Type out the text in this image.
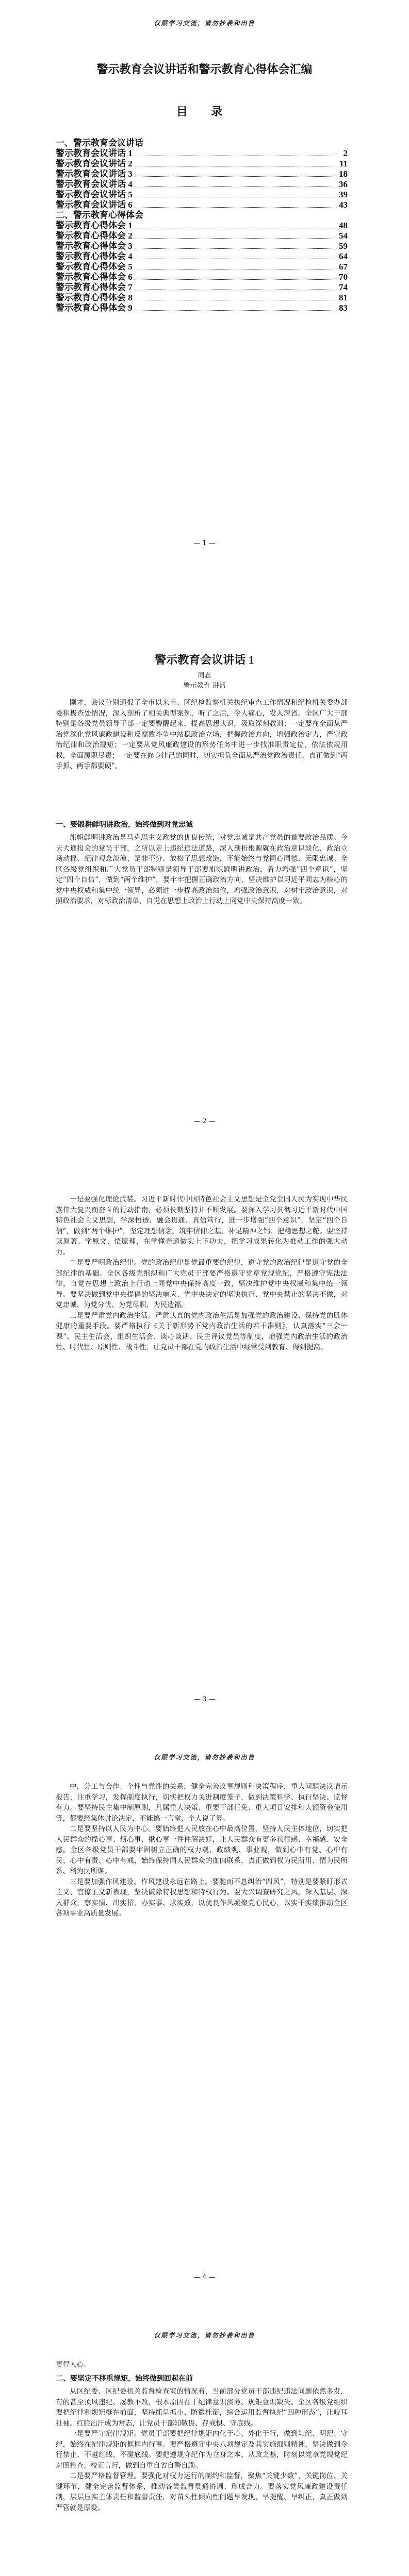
仅限学习交流，请勿抄袭和出售
警示教育会议讲话和警示教育心得体会汇编
目 录
一、警示教育会议讲话
警示教育会议讲话 1	2
警示教育会议讲话 2	11
警示教育会议讲话 3	18
警示教育会议讲话 4	36
警示教育会议讲话 5	39
警示教育会议讲话 6	43
二、警示教育心得体会
警示教育心得体会 1	48
警示教育心得体会 2	54
警示教育心得体会 3	59
警示教育心得体会 4	64
警示教育心得体会 5	67
警示教育心得体会 6	70
警示教育心得体会 7	74
警示教育心得体会 8	81
警示教育心得体会 9	83
— 1 —
警示教育会议讲话 1
同志
警示教育 讲话

刚才，会议分别通报了全市以来市、区纪检监察机关执纪审查工作情况和纪检机关委办部委积极查处情况，深入剖析了相关典型案例，听了之后，令人痛心，发人深省。全区广大干部特别是各级党员领导干部一定要警醒起来，提高思想认识，汲取深刻教训；一定要在全面从严治党深化党风廉政建设和反腐败斗争中站稳政治立场，把握政治方向，增强政治定力，严守政治纪律和政治规矩；一定要从党风廉政建设的形势任务中进一步找准职责定位，依法依规用权，全面履职尽责；一定要在修身律己的同时，切实担负全面从严治党政治责任，真正做到“两手抓、两手都要硬”。

一、要锻耕鲜明讲政治，始终做到对党忠诚

旗帜鲜明讲政治是马克思主义政党的优良传统，对党忠诚是共产党员的首要政治品质。今天大通报会的党员干部，之所以走上违纪违法道路，深入剖析根源就在政治意识淡化、政治立场动摇、纪律观念淡漠、是非不分、放松了思想改造，不能始终与党同心同德、无限忠诚。全区各级党组织和广大党员干部特别是领导干部要旗帜鲜明讲政治，着力增强“四个意识”，坚定“四个自信”，做到“两个维护”，要牢牢把握正确政治方向，坚决维护以习近平同志为核心的党中央权威和集中统一领导，必须进一步提高政治站位，增强政治意识，对树牢政治意识，对照政治要求，对标政治清单，自觉在思想上政治上行动上同党中央保持高度一致。

— 2 —

一是要强化理论武装。习近平新时代中国特色社会主义思想是全党全国人民为实现中华民族伟大复兴而奋斗的行动指南，必须长期坚持并不断发展。要深入学习贯彻习近平新时代中国特色社会主义思想，学深悟透、融会贯通、真信笃行，进一步增强“四个意识”，坚定“四个自信”，做到“两个维护”，坚定理想信念，筑牢信仰之基、补足精神之钙、把稳思想之舵。要坚持读原著、学原文、悟原理，在学懂弄通做实上下功夫，把学习成果转化为推动工作的强大动力。

二是要严明政治纪律。党的政治纪律是党最重要的纪律，遵守党的政治纪律是遵守党的全部纪律的基础。全区各级党组织和广大党员干部要严格遵守党章党规党纪，严格遵守宪法法律，自觉在思想上政治上行动上同党中央保持高度一致，坚决维护党中央权威和集中统一领导。要坚决做到党中央提倡的坚决响应、党中央决定的坚决执行、党中央禁止的坚决不做，对党忠诚、为党分忧、为党尽职、为民造福。

三是要严肃党内政治生活。严肃认真的党内政治生活是加强党的政治建设、保持党的肌体健康的重要手段。要严格执行《关于新形势下党内政治生活的若干准则》，认真落实“三会一课”、民主生活会、组织生活会、谈心谈话、民主评议党员等制度，增强党内政治生活的政治性、时代性、原则性、战斗性，让党员干部在党内政治生活中经常受到教育、得到提高。

— 3 —
仅限学习交流，请勿抄袭和出售

中，分工与合作、个性与党性的关系，健全完善议事规则和决策程序，重大问题决议请示报告，注重学习，发挥制度执行，切实把权力关进制度笼子，做到决策科学、执行坚决、监督有力。要坚持民主集中制原则，凡属重大决策、重要干部任免、重大项目安排和大额资金使用等，都要经集体讨论决定，不能搞一言堂、个人说了算。

二是要坚持以人民为中心。要始终把人民放在心中最高位置，坚持人民主体地位，切实把人民群众的操心事、烦心事、揪心事一件件解决好，让人民群众有更多获得感、幸福感、安全感。全区各级党员干部要牢固树立正确的权力观、政绩观、事业观，做到心中有党、心中有民、心中有责、心中有戒，始终保持同人民群众的血肉联系，真正做到权为民所用、情为民所系、利为民所谋。

三是要加强作风建设。作风建设永远在路上。要驰而不息纠治“四风”，特别是要紧盯形式主义、官僚主义新表现，坚决破除特权思想和特权行为。要大兴调查研究之风，深入基层、深入群众，察实情、出实招、办实事、求实效，以优良作风凝聚党心民心，以实干实绩推动全区各项事业高质量发展。

— 4 —
仅限学习交流，请勿抄袭和出售
更得人心。
二、要坚定不移重规矩，始终做到回起在前

从区纪委、区纪委机关监督检查室的情况看，当前部分党员干部违纪违法问题依然多发，有的甚至顶风违纪、屡教不改，根本原因在于纪律意识淡薄、规矩意识缺失。全区各级党组织要把纪律和规矩挺在前面，坚持抓早抓小、防微杜渐，综合运用监督执纪“四种形态”，让咬耳扯袖、红脸出汗成为常态，让党员干部知敬畏、存戒惧、守底线。

一是要严守纪律规矩。党员干部要把纪律规矩内化于心、外化于行，做到知纪、明纪、守纪，始终在纪律规矩的框框内行事。要严格遵守中央八项规定及其实施细则精神，坚决做到令行禁止，不越红线、不碰底线。要把遵规守纪作为立身之本、从政之基，时刻以党章党规党纪对照检查、校正言行，做到自重自省自警自励。

二是要严格监督管理。要强化对权力运行的制约和监督，聚焦“关键少数”、关键岗位、关键环节，健全完善监督体系，推动各类监督贯通协调、形成合力。要落实党风廉政建设责任制，层层压实主体责任和监督责任，对苗头性倾向性问题早发现、早提醒、早纠正，真正做到严管就是厚爱。
